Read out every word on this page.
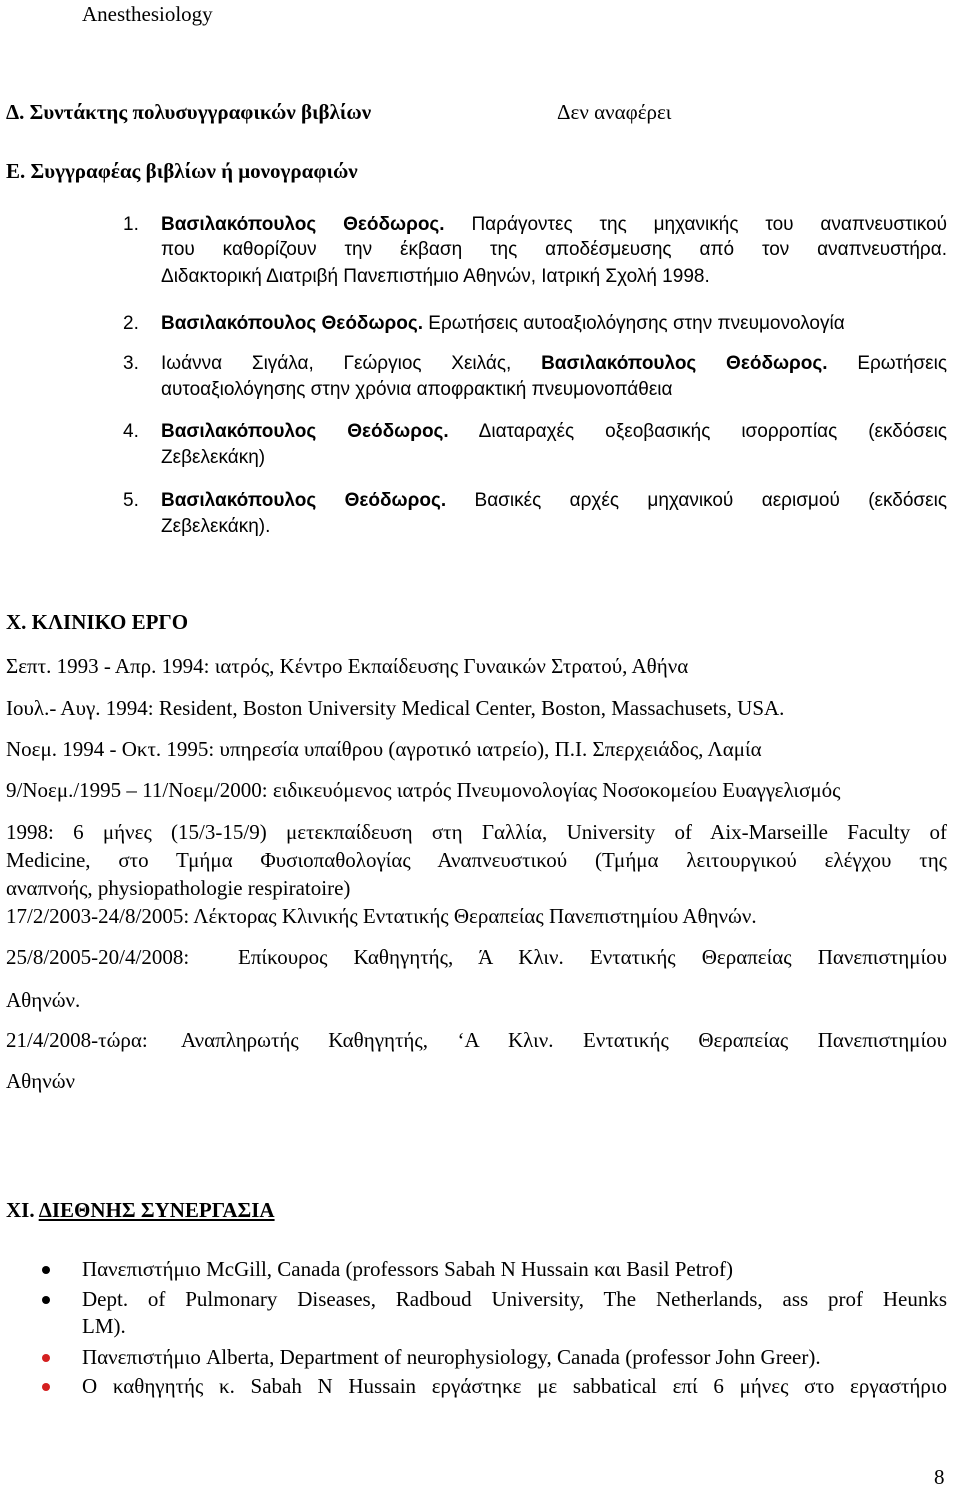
Anesthesiology
Δ. Συντάκτης πολυσυγγραφικών βιβλίων	Δεν αναφέρει
Ε. Συγγραφέας βιβλίων ή μονογραφιών
1. Βασιλακόπουλος Θεόδωρος. Παράγοντες της μηχανικής του αναπνευστικού
που καθορίζουν την έκβαση της αποδέσμευσης από τον αναπνευστήρα.
Διδακτορική Διατριβή Πανεπιστήμιο Αθηνών, Ιατρική Σχολή 1998.
2. Βασιλακόπουλος Θεόδωρος. Ερωτήσεις αυτοαξιολόγησης στην πνευμονολογία
3. Ιωάννα Σιγάλα, Γεώργιος Χειλάς, Βασιλακόπουλος Θεόδωρος. Ερωτήσεις
αυτοαξιολόγησης στην χρόνια αποφρακτική πνευμονοπάθεια
4. Βασιλακόπουλος Θεόδωρος. Διαταραχές οξεοβασικής ισορροπίας (εκδόσεις
Ζεβελεκάκη)
5. Βασιλακόπουλος Θεόδωρος. Βασικές αρχές μηχανικού αερισμού (εκδόσεις
Ζεβελεκάκη).
Χ. ΚΛΙΝΙΚΟ ΕΡΓΟ
Σεπτ. 1993 - Απρ. 1994: ιατρός, Κέντρο Εκπαίδευσης Γυναικών Στρατού, Αθήνα
Ιουλ.- Αυγ. 1994: Resident, Boston University Medical Center, Boston, Massachusets, USA.
Νοεμ. 1994 - Οκτ. 1995: υπηρεσία υπαίθρου (αγροτικό ιατρείο), Π.Ι. Σπερχειάδος, Λαμία
9/Νοεμ./1995 – 11/Νοεμ/2000: ειδικευόμενος ιατρός Πνευμονολογίας Νοσοκομείου Ευαγγελισμός
1998: 6 μήνες (15/3-15/9) μετεκπαίδευση στη Γαλλία, University of Aix-Marseille Faculty of
Medicine, στο Τμήμα Φυσιοπαθολογίας Αναπνευστικού (Τμήμα λειτουργικού ελέγχου της
αναπνοής, physiopathologie respiratoire)
17/2/2003-24/8/2005: Λέκτορας Κλινικής Εντατικής Θεραπείας Πανεπιστημίου Αθηνών.
25/8/2005-20/4/2008: Επίκουρος Καθηγητής, Ά Κλιν. Εντατικής Θεραπείας Πανεπιστημίου
Αθηνών.
21/4/2008-τώρα: Αναπληρωτής Καθηγητής, ‘Α Κλιν. Εντατικής Θεραπείας Πανεπιστημίου
Αθηνών
ΧΙ. ΔΙΕΘΝΗΣ ΣΥΝΕΡΓΑΣΙΑ
Πανεπιστήμιο McGill, Canada (professors Sabah N Hussain και Basil Petrof)
Dept. of Pulmonary Diseases, Radboud University, The Netherlands, ass prof Heunks
LM).
Πανεπιστήμιο Alberta, Department of neurophysiology, Canada (professor John Greer).
Ο καθηγητής κ. Sabah N Hussain εργάστηκε με sabbatical επί 6 μήνες στο εργαστήριο
8
